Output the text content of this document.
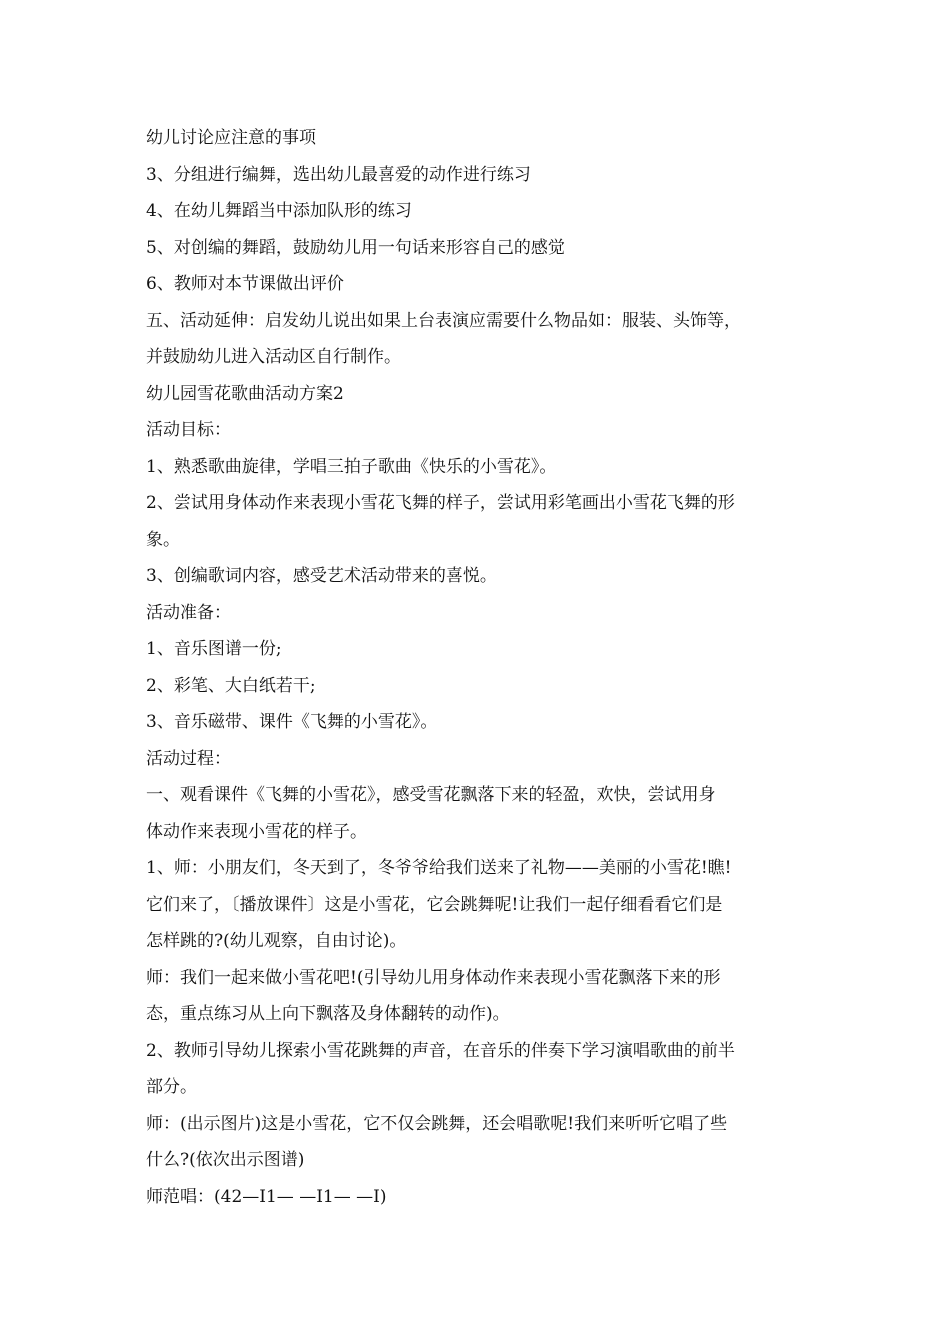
幼儿讨论应注意的事项

3、分组进行编舞，选出幼儿最喜爱的动作进行练习

4、在幼儿舞蹈当中添加队形的练习

5、对创编的舞蹈，鼓励幼儿用一句话来形容自己的感觉

6、教师对本节课做出评价

五、活动延伸：启发幼儿说出如果上台表演应需要什么物品如：服装、头饰等，

并鼓励幼儿进入活动区自行制作。

幼儿园雪花歌曲活动方案2

活动目标：

1、熟悉歌曲旋律，学唱三拍子歌曲《快乐的小雪花》。

2、尝试用身体动作来表现小雪花飞舞的样子，尝试用彩笔画出小雪花飞舞的形

象。

3、创编歌词内容，感受艺术活动带来的喜悦。

活动准备：

1、音乐图谱一份;

2、彩笔、大白纸若干;

3、音乐磁带、课件《飞舞的小雪花》。

活动过程：

一、观看课件《飞舞的小雪花》，感受雪花飘落下来的轻盈，欢快，尝试用身

体动作来表现小雪花的样子。

1、师：小朋友们，冬天到了，冬爷爷给我们送来了礼物——美丽的小雪花!瞧!

它们来了，〔播放课件〕这是小雪花，它会跳舞呢!让我们一起仔细看看它们是

怎样跳的?(幼儿观察，自由讨论)。

师：我们一起来做小雪花吧!(引导幼儿用身体动作来表现小雪花飘落下来的形

态，重点练习从上向下飘落及身体翻转的动作)。

2、教师引导幼儿探索小雪花跳舞的声音，在音乐的伴奏下学习演唱歌曲的前半

部分。

师：(出示图片)这是小雪花，它不仅会跳舞，还会唱歌呢!我们来听听它唱了些

什么?(依次出示图谱)

师范唱：(42—I1— —I1— —I)
